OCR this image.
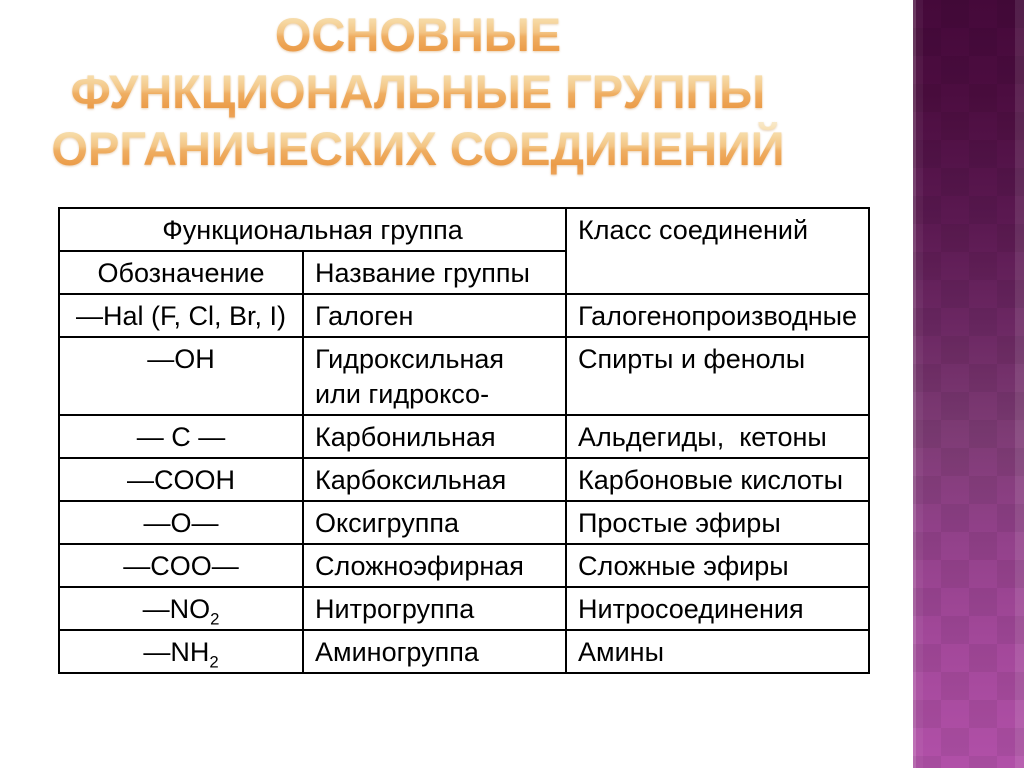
ОСНОВНЫЕ
ФУНКЦИОНАЛЬНЫЕ ГРУППЫ
ОРГАНИЧЕСКИХ СОЕДИНЕНИЙ
Функциональная группа		Класс соединений
Обозначение	Название группы	
—Hal (F, Cl, Br, I)	Галоген	Галогенопроизводные
—OH	Гидроксильная или гидроксо-	Спирты и фенолы
— C —	Карбонильная	Альдегиды,  кетоны
—COOH	Карбоксильная	Карбоновые кислоты
—O—	Оксигруппа	Простые эфиры
—COO—	Сложноэфирная	Сложные эфиры
$—NO_2$	Нитрогруппа	Нитросоединения
$—NH_2$	Аминогруппа	Амины
